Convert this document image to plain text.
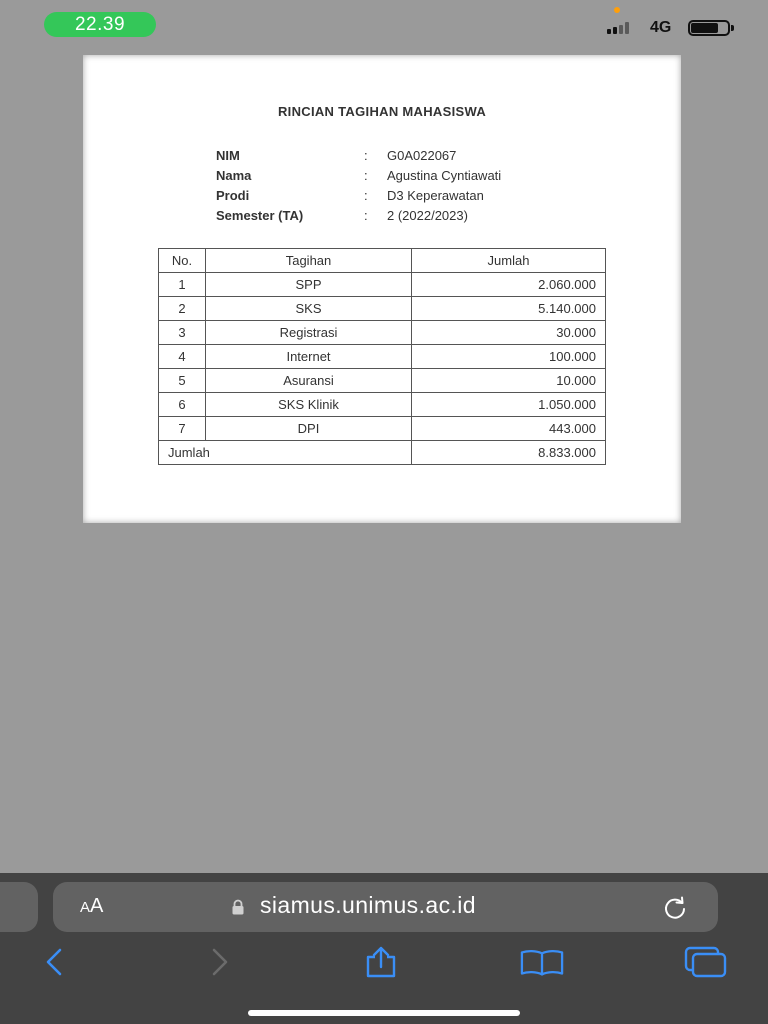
22.39	4G
RINCIAN TAGIHAN MAHASISWA
NIM	:	G0A022067
Nama	:	Agustina Cyntiawati
Prodi	:	D3 Keperawatan
Semester (TA)	:	2 (2022/2023)
No.	Tagihan	Jumlah
1	SPP	2.060.000
2	SKS	5.140.000
3	Registrasi	30.000
4	Internet	100.000
5	Asuransi	10.000
6	SKS Klinik	1.050.000
7	DPI	443.000
Jumlah		8.833.000
AA	siamus.unimus.ac.id
